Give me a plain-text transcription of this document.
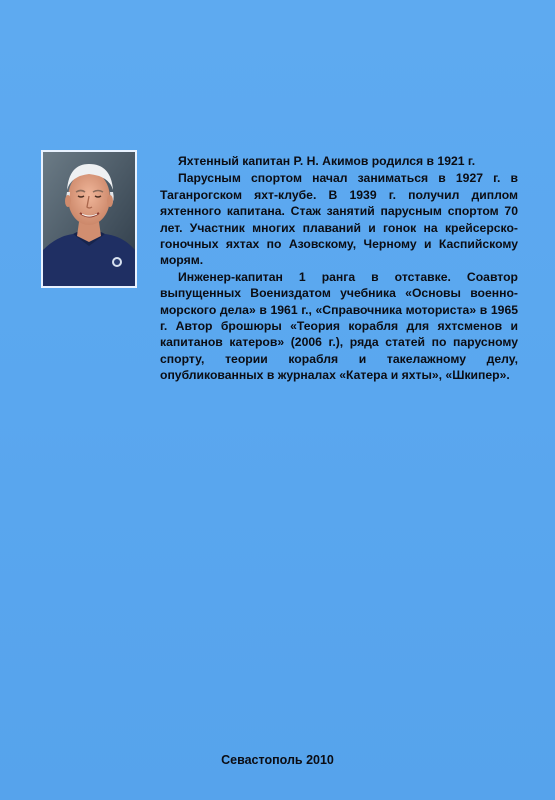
Яхтенный капитан Р. Н. Акимов родился в 1921 г.

Парусным спортом начал заниматься в 1927 г. в Таганрогском яхт-клубе. В 1939 г. получил диплом яхтенного капитана. Стаж занятий парусным спортом 70 лет. Участник многих плаваний и гонок на крейсерско-гоночных яхтах по Азовскому, Черному и Каспийскому морям.

Инженер-капитан 1 ранга в отставке. Соавтор выпущенных Воениздатом учебника «Основы военно-морского дела» в 1961 г., «Справочника моториста» в 1965 г. Автор брошюры «Теория корабля для яхтсменов и капитанов катеров» (2006 г.), ряда статей по парусному спорту, теории корабля и такелажному делу, опубликованных в журналах «Катера и яхты», «Шкипер».

Севастополь 2010
